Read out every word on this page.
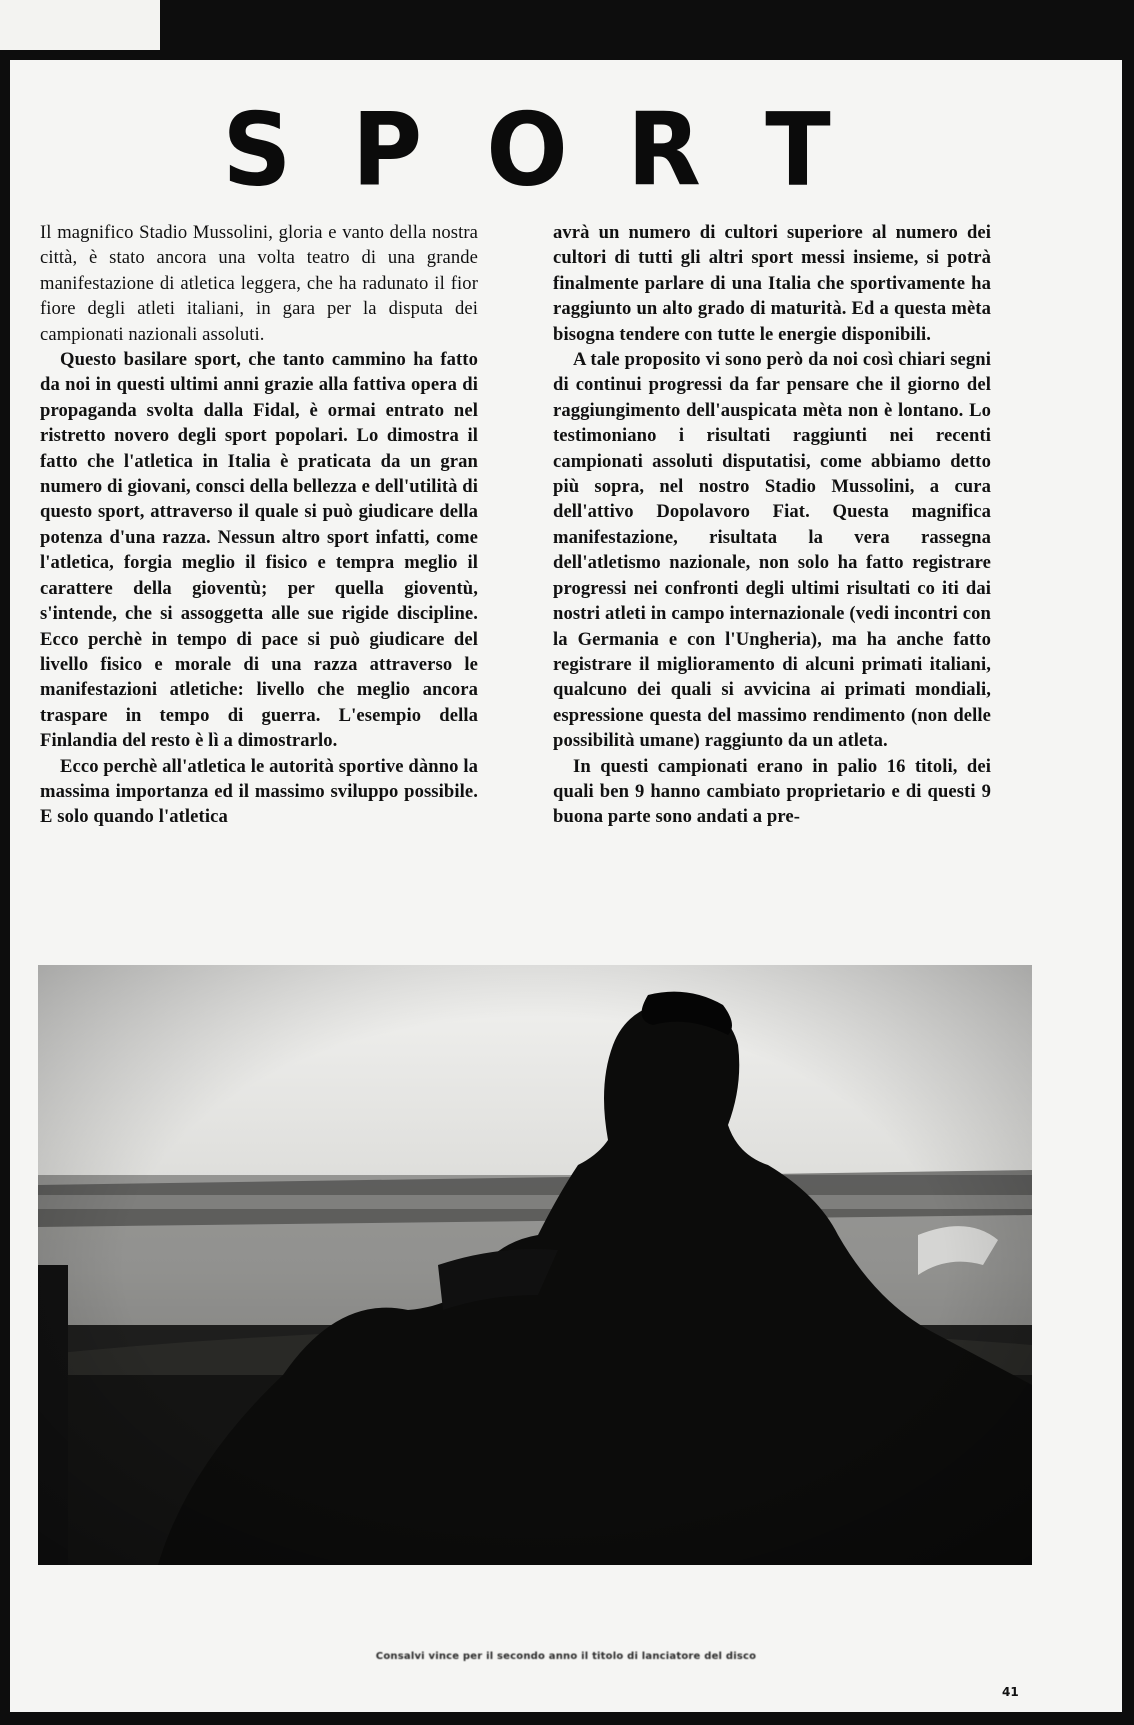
S P O R T

Il magnifico Stadio Mussolini, gloria e vanto della nostra città, è stato ancora una volta teatro di una grande manifestazione di atletica leggera, che ha radunato il fior fiore degli atleti italiani, in gara per la disputa dei campionati nazionali assoluti.

Questo basilare sport, che tanto cammino ha fatto da noi in questi ultimi anni grazie alla fattiva opera di propaganda svolta dalla Fidal, è ormai entrato nel ristretto novero degli sport popolari. Lo dimostra il fatto che l'atletica in Italia è praticata da un gran numero di giovani, consci della bellezza e dell'utilità di questo sport, attraverso il quale si può giudicare della potenza d'una razza. Nessun altro sport infatti, come l'atletica, forgia meglio il fisico e tempra meglio il carattere della gioventù; per quella gioventù, s'intende, che si assoggetta alle sue rigide discipline. Ecco perchè in tempo di pace si può giudicare del livello fisico e morale di una razza attraverso le manifestazioni atletiche: livello che meglio ancora traspare in tempo di guerra. L'esempio della Finlandia del resto è lì a dimostrarlo.

Ecco perchè all'atletica le autorità sportive dànno la massima importanza ed il massimo sviluppo possibile. E solo quando l'atletica

avrà un numero di cultori superiore al numero dei cultori di tutti gli altri sport messi insieme, si potrà finalmente parlare di una Italia che sportivamente ha raggiunto un alto grado di maturità. Ed a questa mèta bisogna tendere con tutte le energie disponibili.

A tale proposito vi sono però da noi così chiari segni di continui progressi da far pensare che il giorno del raggiungimento dell'auspicata mèta non è lontano. Lo testimoniano i risultati raggiunti nei recenti campionati assoluti disputatisi, come abbiamo detto più sopra, nel nostro Stadio Mussolini, a cura dell'attivo Dopolavoro Fiat. Questa magnifica manifestazione, risultata la vera rassegna dell'atletismo nazionale, non solo ha fatto registrare progressi nei confronti degli ultimi risultati co iti dai nostri atleti in campo internazionale (vedi incontri con la Germania e con l'Ungheria), ma ha anche fatto registrare il miglioramento di alcuni primati italiani, qualcuno dei quali si avvicina ai primati mondiali, espressione questa del massimo rendimento (non delle possibilità umane) raggiunto da un atleta.

In questi campionati erano in palio 16 titoli, dei quali ben 9 hanno cambiato proprietario e di questi 9 buona parte sono andati a pre-

Consalvi vince per il secondo anno il titolo di lanciatore del disco

41
